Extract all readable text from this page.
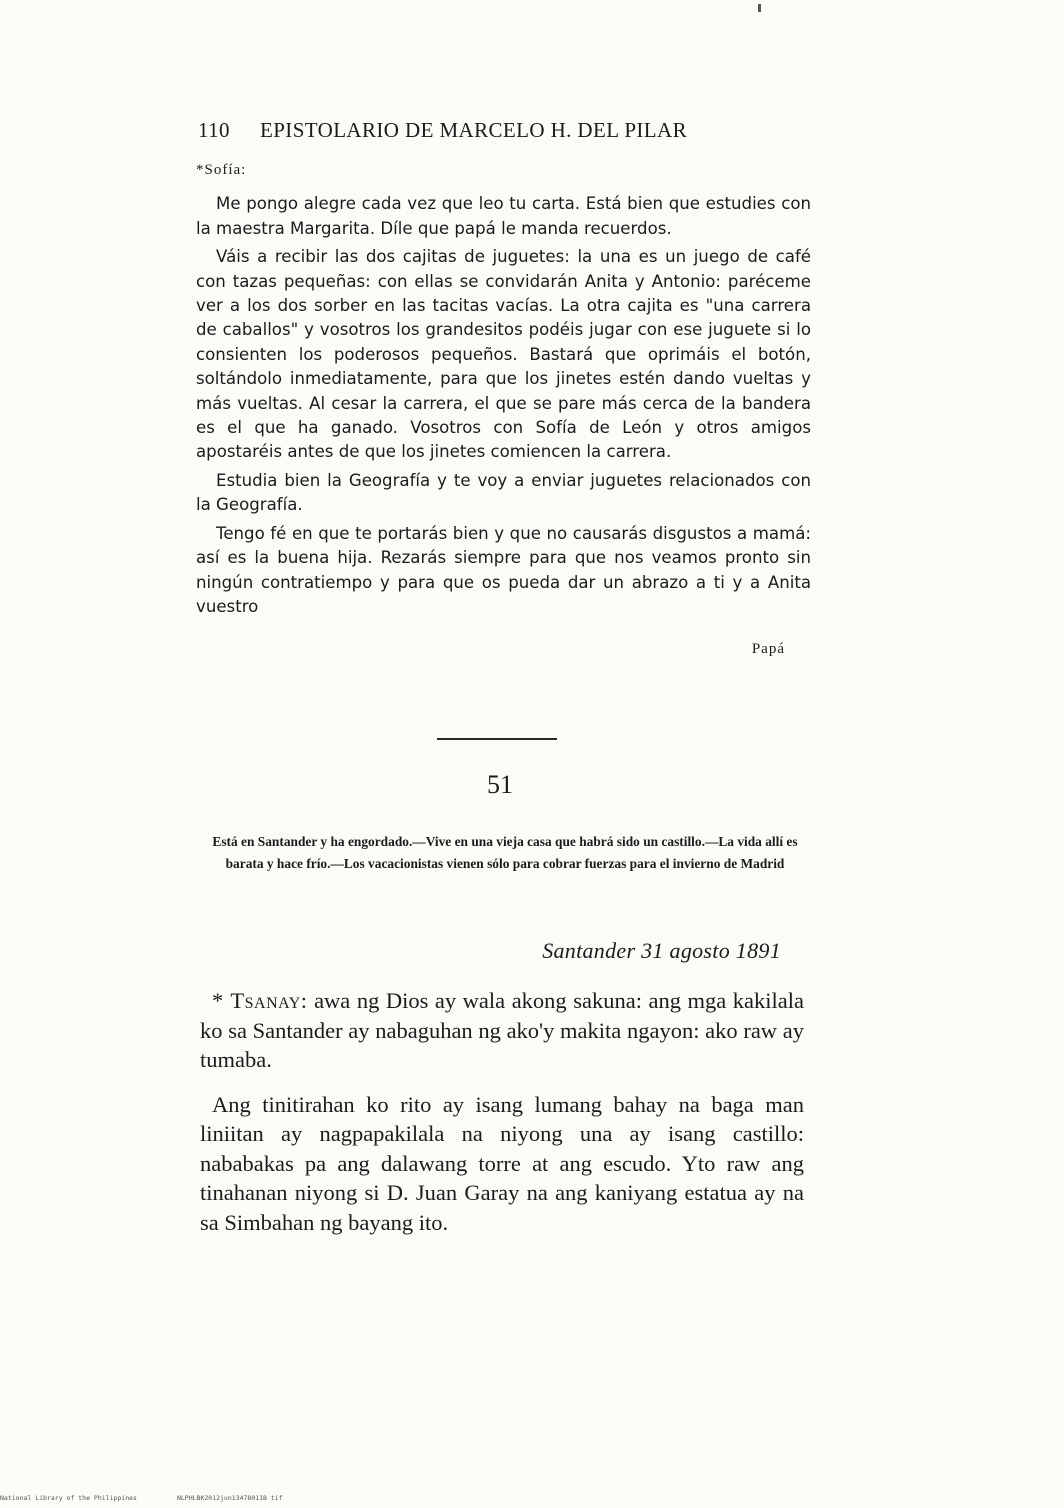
110 EPISTOLARIO DE MARCELO H. DEL PILAR
*Sofía:

Me pongo alegre cada vez que leo tu carta. Está bien que estudies con la maestra Margarita. Díle que papá le manda recuerdos.

Váis a recibir las dos cajitas de juguetes: la una es un juego de café con tazas pequeñas: con ellas se convidarán Anita y Antonio: paréceme ver a los dos sorber en las tacitas vacías. La otra cajita es "una carrera de caballos" y vosotros los grandesitos podéis jugar con ese juguete si lo consienten los poderosos pequeños. Bastará que oprimáis el botón, soltándolo inmediatamente, para que los jinetes estén dando vueltas y más vueltas. Al cesar la carrera, el que se pare más cerca de la bandera es el que ha ganado. Vosotros con Sofía de León y otros amigos apostaréis antes de que los jinetes comiencen la carrera.

Estudia bien la Geografía y te voy a enviar juguetes relacionados con la Geografía.

Tengo fé en que te portarás bien y que no causarás disgustos a mamá: así es la buena hija. Rezarás siempre para que nos veamos pronto sin ningún contratiempo y para que os pueda dar un abrazo a ti y a Anita vuestro

Papá
51
Está en Santander y ha engordado.—Vive en una vieja casa que habrá sido un castillo.—La vida allí es barata y hace frío.—Los vacacionistas vienen sólo para cobrar fuerzas para el invierno de Madrid
Santander 31 agosto 1891

* Tsanay: awa ng Dios ay wala akong sakuna: ang mga kakilala ko sa Santander ay nabaguhan ng ako'y makita ngayon: ako raw ay tumaba.

Ang tinitirahan ko rito ay isang lumang bahay na baga man liniitan ay nagpapakilala na niyong una ay isang castillo: nababakas pa ang dalawang torre at ang escudo. Yto raw ang tinahanan niyong si D. Juan Garay na ang kaniyang estatua ay na sa Simbahan ng bayang ito.

National Library of the Philippines	NLPHLBK2012jun13478011B tif
